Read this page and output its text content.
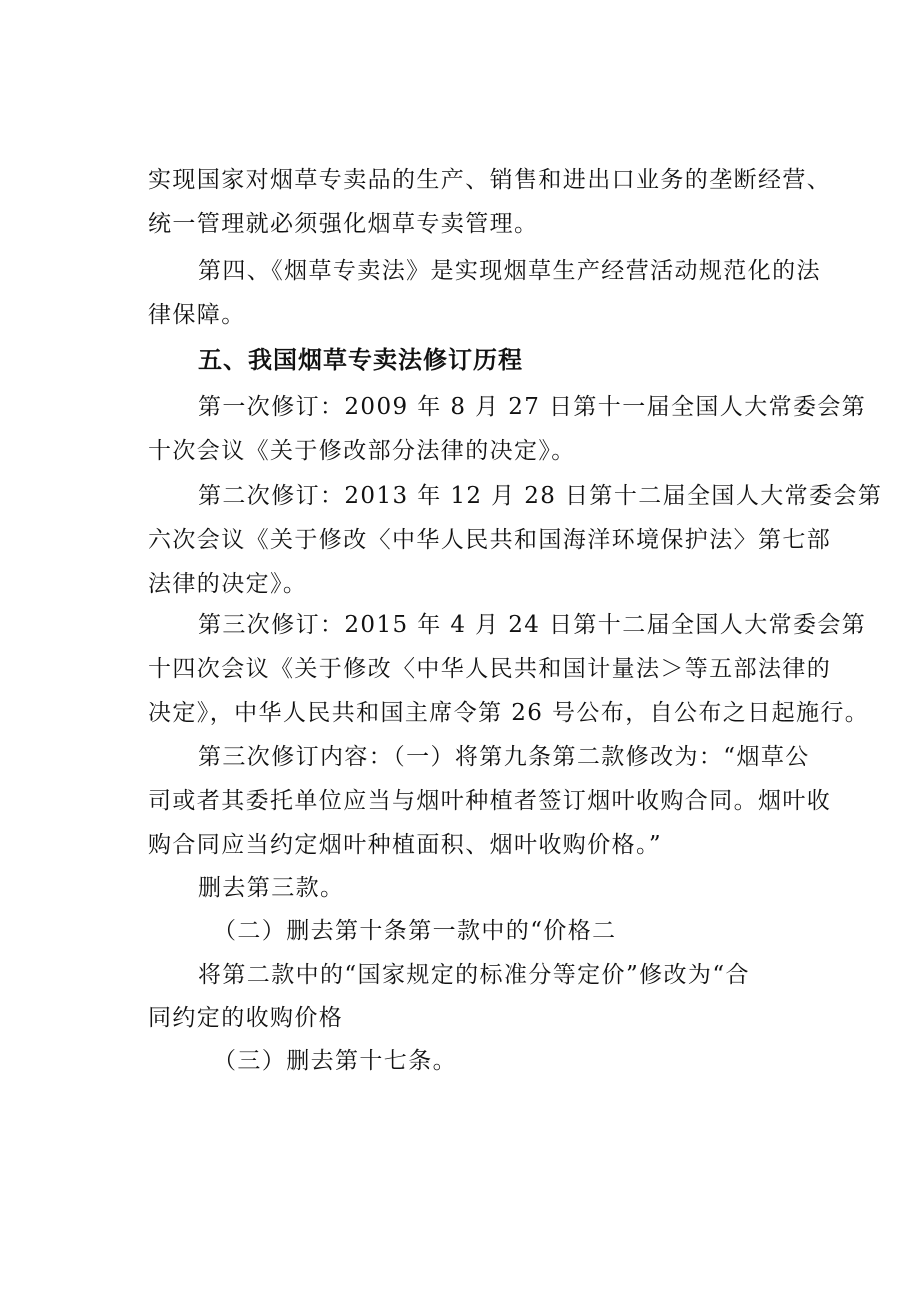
实现国家对烟草专卖品的生产、销售和进出口业务的垄断经营、
统一管理就必须强化烟草专卖管理。
第四、《烟草专卖法》是实现烟草生产经营活动规范化的法
律保障。
五、我国烟草专卖法修订历程
第一次修订：2009 年 8 月 27 日第十一届全国人大常委会第
十次会议《关于修改部分法律的决定》。
第二次修订：2013 年 12 月 28 日第十二届全国人大常委会第
六次会议《关于修改〈中华人民共和国海洋环境保护法〉第七部
法律的决定》。
第三次修订：2015 年 4 月 24 日第十二届全国人大常委会第
十四次会议《关于修改〈中华人民共和国计量法＞等五部法律的
决定》，中华人民共和国主席令第 26 号公布，自公布之日起施行。
第三次修订内容：（一）将第九条第二款修改为：“烟草公
司或者其委托单位应当与烟叶种植者签订烟叶收购合同。烟叶收
购合同应当约定烟叶种植面积、烟叶收购价格。”
删去第三款。
（二）删去第十条第一款中的“价格二
将第二款中的“国家规定的标准分等定价”修改为“合
同约定的收购价格
（三）删去第十七条。
